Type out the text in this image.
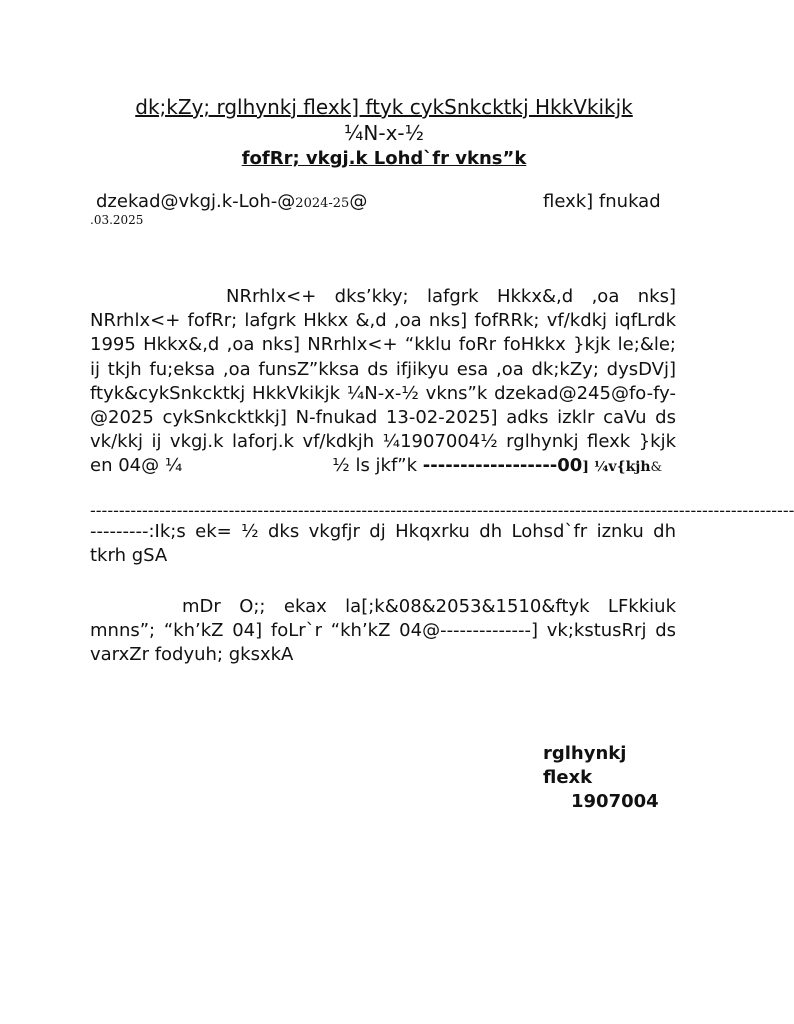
dk;kZy; rglhynkj flexk] ftyk cykSnkcktkj HkkVkikjk
¼N-x-½
fofRr; vkgj.k Lohd`fr vkns”k
dzekad@vkgj.k-Loh-@2024-25@	flexk] fnukad
.03.2025
NRrhlx<+ dks’kky; lafgrk Hkkx&,d ,oa nks] NRrhlx<+ fofRr; lafgrk Hkkx &,d ,oa nks] fofRRk; vf/kdkj iqfLrdk 1995 Hkkx&,d ,oa nks] NRrhlx<+ “kklu foRr foHkkx }kjk le;&le; ij tkjh fu;eksa ,oa funsZ”kksa ds ifjikyu esa ,oa dk;kZy; dysDVj] ftyk&cykSnkcktkj HkkVkikjk ¼N-x-½ vkns”k dzekad@245@fo-fy-@2025 cykSnkcktkkj] N-fnukad 13-02-2025] adks izklr caVu ds vk/kkj ij vkgj.k laforj.k vf/kdkjh ¼1907004½ rglhynkj flexk }kjk en 04@ ¼	½ ls jkf”k ------------------00] ¼v{kjh&
--------------------------------------------------------------------------------------------------------------------------
---------:Ik;s ek= ½ dks vkgfjr dj Hkqxrku dh Lohsd`fr iznku dh tkrh gSA
mDr O;; ekax la[;k&08&2053&1510&ftyk LFkkiuk mnns”; “kh’kZ 04] foLr`r “kh’kZ 04@--------------] vk;kstusRrj ds varxZr fodyuh; gksxkA
rglhynkj
flexk
1907004
